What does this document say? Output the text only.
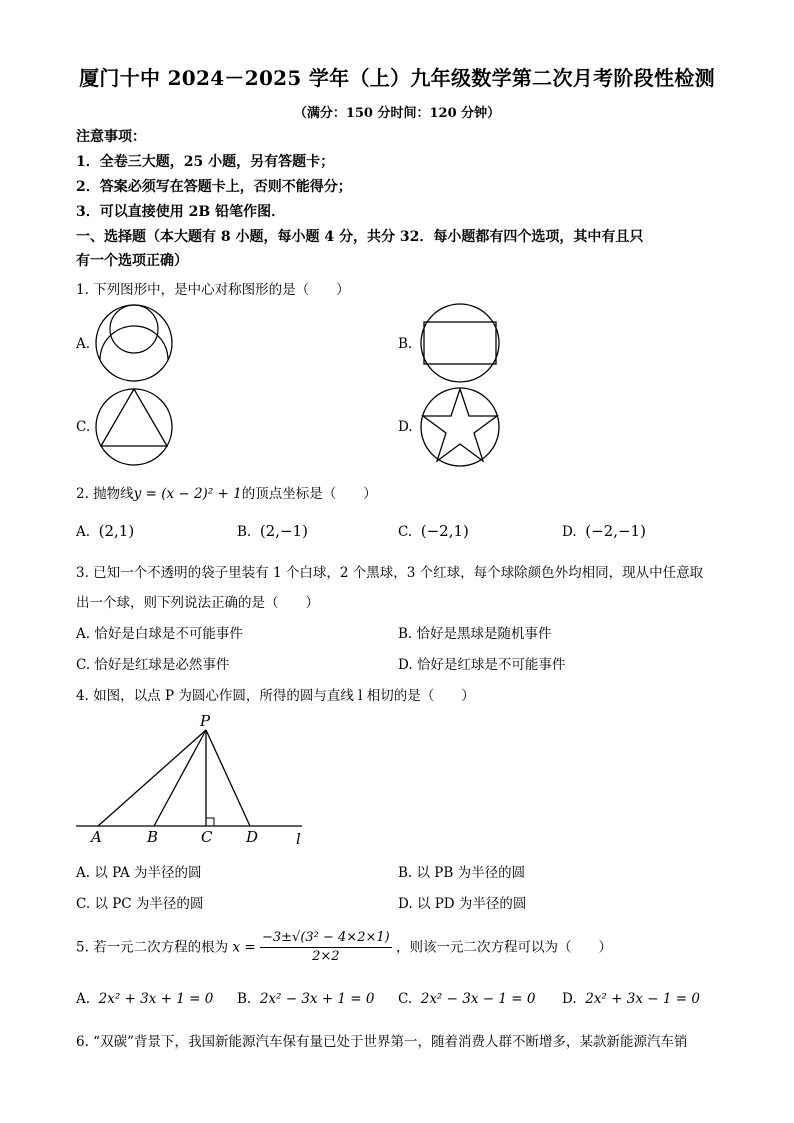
厦门十中 2024－2025 学年（上）九年级数学第二次月考阶段性检测
（满分：150 分时间：120 分钟）
注意事项：
1．全卷三大题，25 小题，另有答题卡；
2．答案必须写在答题卡上，否则不能得分；
3．可以直接使用 2B 铅笔作图．
一、选择题（本大题有 8 小题，每小题 4 分，共分 32．每小题都有四个选项，其中有且只
有一个选项正确）
1. 下列图形中，是中心对称图形的是（　　）
A.	B.
C.	D.
2. 抛物线y = (x − 2)² + 1的顶点坐标是（　　）
A. (2,1)	B. (2,−1)	C. (−2,1)	D. (−2,−1)
3. 已知一个不透明的袋子里装有 1 个白球，2 个黑球，3 个红球，每个球除颜色外均相同，现从中任意取
出一个球，则下列说法正确的是（　　）
A. 恰好是白球是不可能事件	B. 恰好是黑球是随机事件
C. 恰好是红球是必然事件	D. 恰好是红球是不可能事件
4. 如图，以点 P 为圆心作圆，所得的圆与直线 l 相切的是（　　）
P
A	B	C D	l
A. 以 PA 为半径的圆	B. 以 PB 为半径的圆
C. 以 PC 为半径的圆	D. 以 PD 为半径的圆
5. 若一元二次方程的根为 $x = \frac{\text{−3±√(3² − 4×2×1)}}{2\times 2}$ ，则该一元二次方程可以为（　　）
A. 2x² + 3x + 1 = 0 B. 2x² − 3x + 1 = 0 C. 2x² − 3x − 1 = 0 D. 2x² + 3x − 1 = 0
6. “双碳”背景下，我国新能源汽车保有量已处于世界第一，随着消费人群不断增多，某款新能源汽车销
